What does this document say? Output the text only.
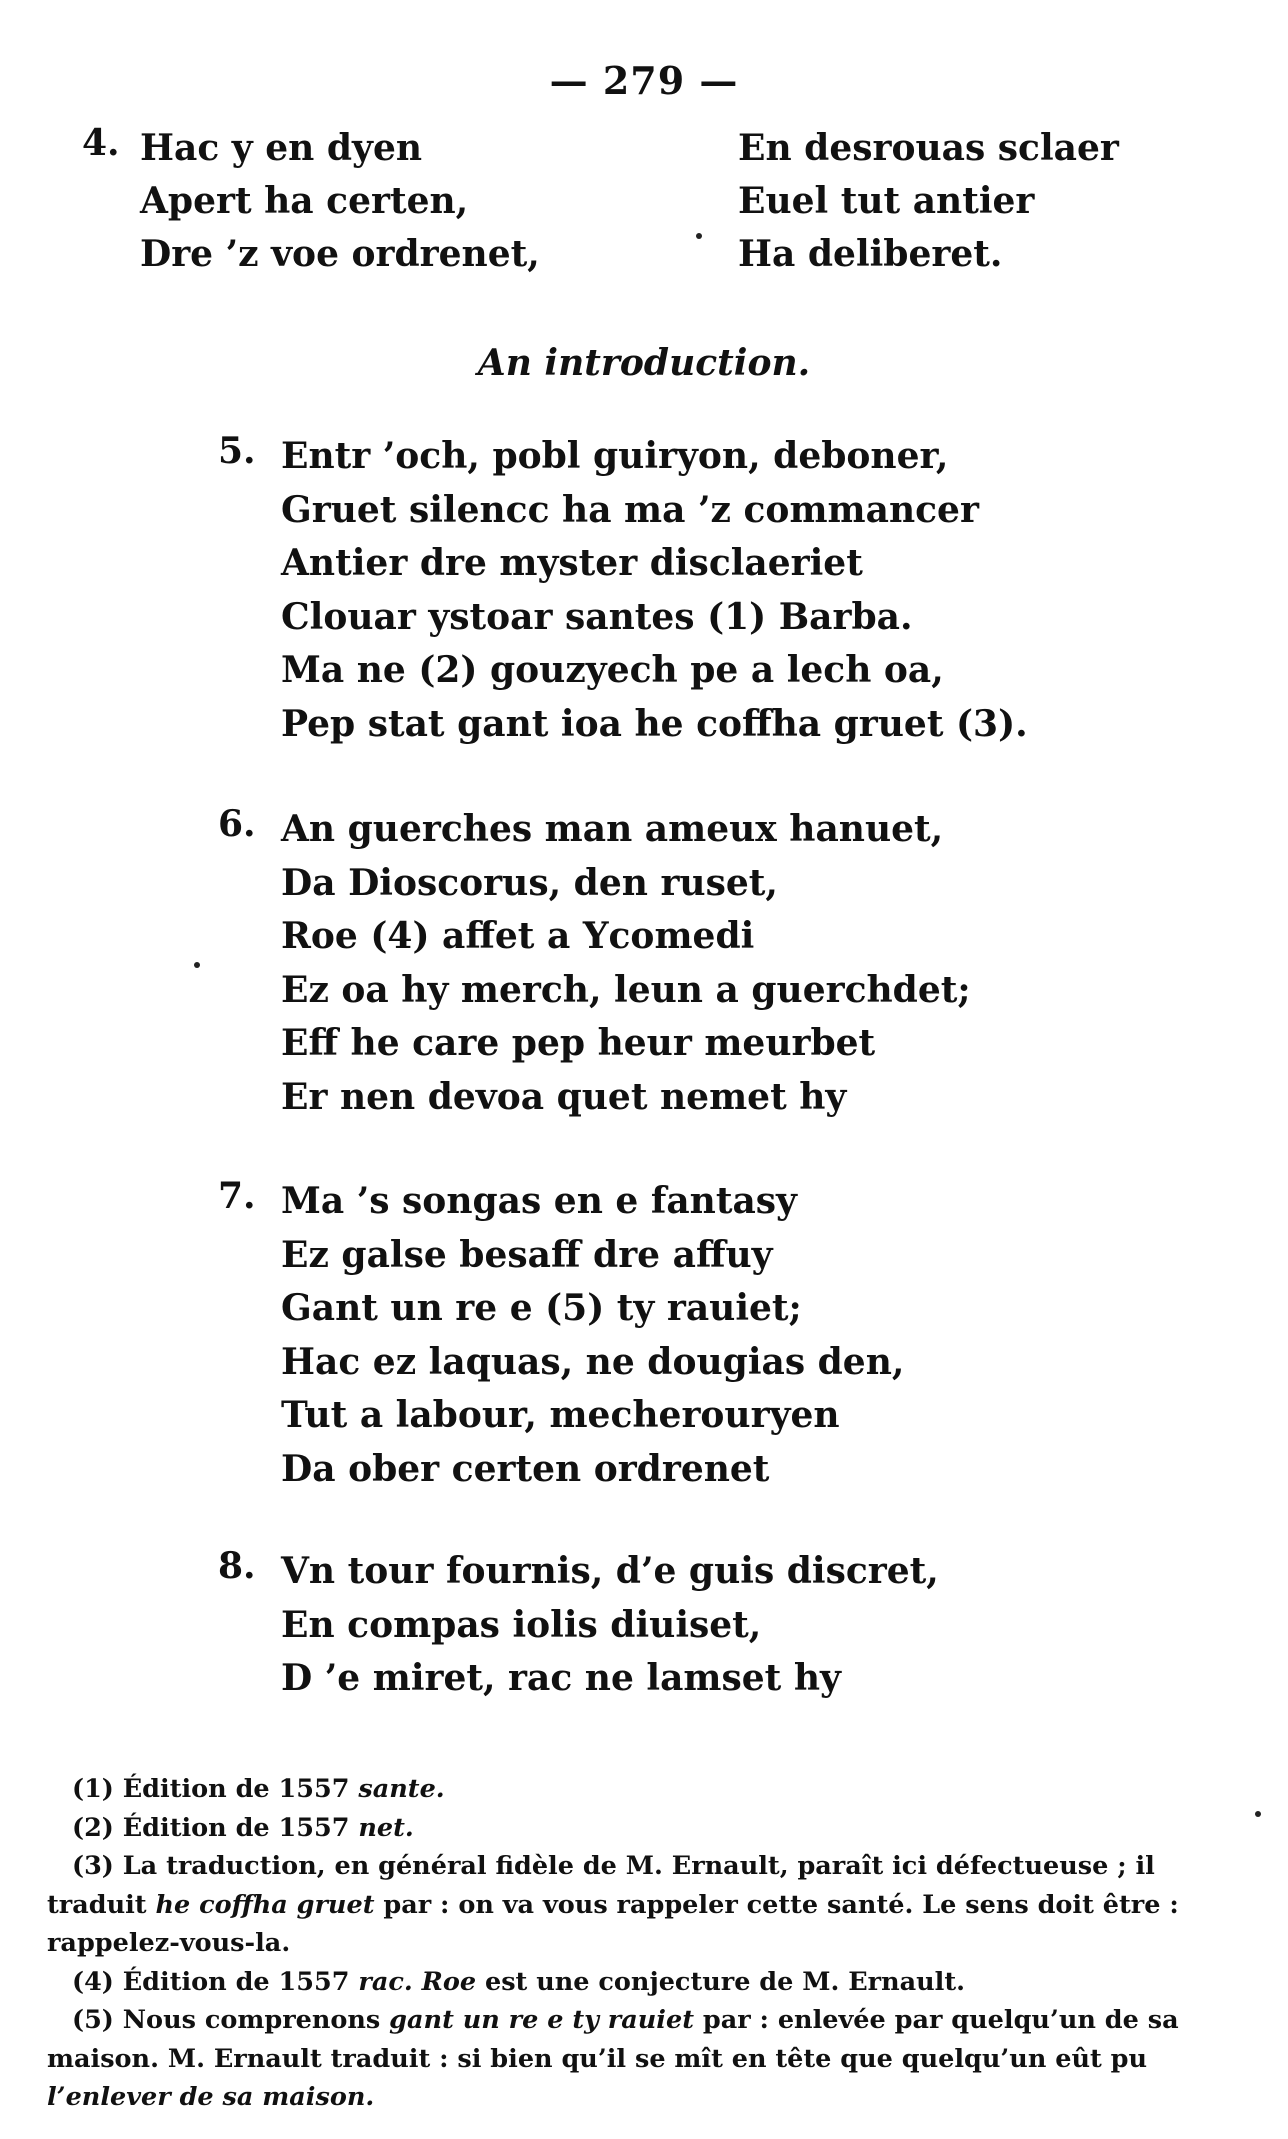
— 279 —
4. Hac y en dyen
Apert ha certen,
Dre ’z voe ordrenet,
En desrouas sclaer
Euel tut antier
Ha deliberet.
An introduction.
5. Entr ’och, pobl guiryon, deboner,
Gruet silencc ha ma ’z commancer
Antier dre myster disclaeriet
Clouar ystoar santes (1) Barba.
Ma ne (2) gouzyech pe a lech oa,
Pep stat gant ioa he coffha gruet (3).
6. An guerches man ameux hanuet,
Da Dioscorus, den ruset,
Roe (4) affet a Ycomedi
Ez oa hy merch, leun a guerchdet;
Eff he care pep heur meurbet
Er nen devoa quet nemet hy
7. Ma ’s songas en e fantasy
Ez galse besaff dre affuy
Gant un re e (5) ty rauiet;
Hac ez laquas, ne dougias den,
Tut a labour, mecherouryen
Da ober certen ordrenet
8. Vn tour fournis, d’e guis discret,
En compas iolis diuiset,
D ’e miret, rac ne lamset hy
(1) Édition de 1557 sante.
(2) Édition de 1557 net.
(3) La traduction, en général fidèle de M. Ernault, paraît ici défectueuse ; il traduit he coffha gruet par : on va vous rappeler cette santé. Le sens doit être : rappelez-vous-la.
(4) Édition de 1557 rac. Roe est une conjecture de M. Ernault.
(5) Nous comprenons gant un re e ty rauiet par : enlevée par quelqu’un de sa maison. M. Ernault traduit : si bien qu’il se mît en tête que quelqu’un eût pu l’enlever de sa maison.
